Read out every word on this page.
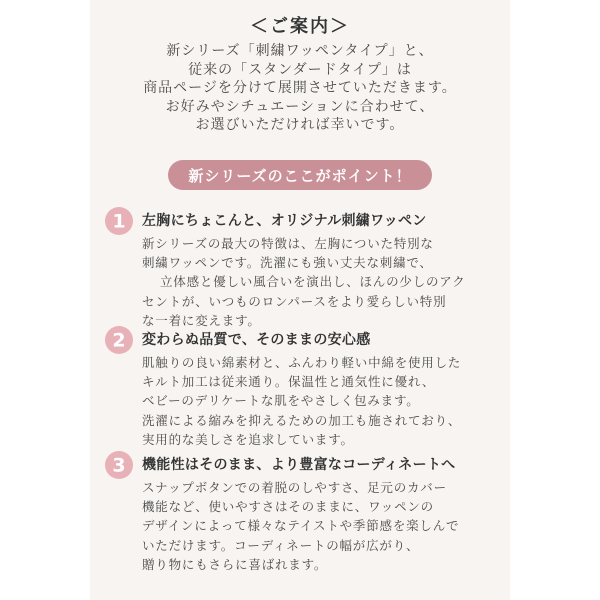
＜ご案内＞
新シリーズ「刺繍ワッペンタイプ」と、
従来の「スタンダードタイプ」は
商品ページを分けて展開させていただきます。
お好みやシチュエーションに合わせて、
お選びいただければ幸いです。
新シリーズのここがポイント！
1 左胸にちょこんと、オリジナル刺繍ワッペン
新シリーズの最大の特徴は、左胸についた特別な
刺繍ワッペンです。洗濯にも強い丈夫な刺繍で、
立体感と優しい風合いを演出し、ほんの少しのアク
セントが、いつものロンパースをより愛らしい特別
な一着に変えます。
2 変わらぬ品質で、そのままの安心感
肌触りの良い綿素材と、ふんわり軽い中綿を使用した
キルト加工は従来通り。保温性と通気性に優れ、
ベビーのデリケートな肌をやさしく包みます。
洗濯による縮みを抑えるための加工も施されており、
実用的な美しさを追求しています。
3 機能性はそのまま、より豊富なコーディネートへ
スナップボタンでの着脱のしやすさ、足元のカバー
機能など、使いやすさはそのままに、ワッペンの
デザインによって様々なテイストや季節感を楽しんで
いただけます。コーディネートの幅が広がり、
贈り物にもさらに喜ばれます。
